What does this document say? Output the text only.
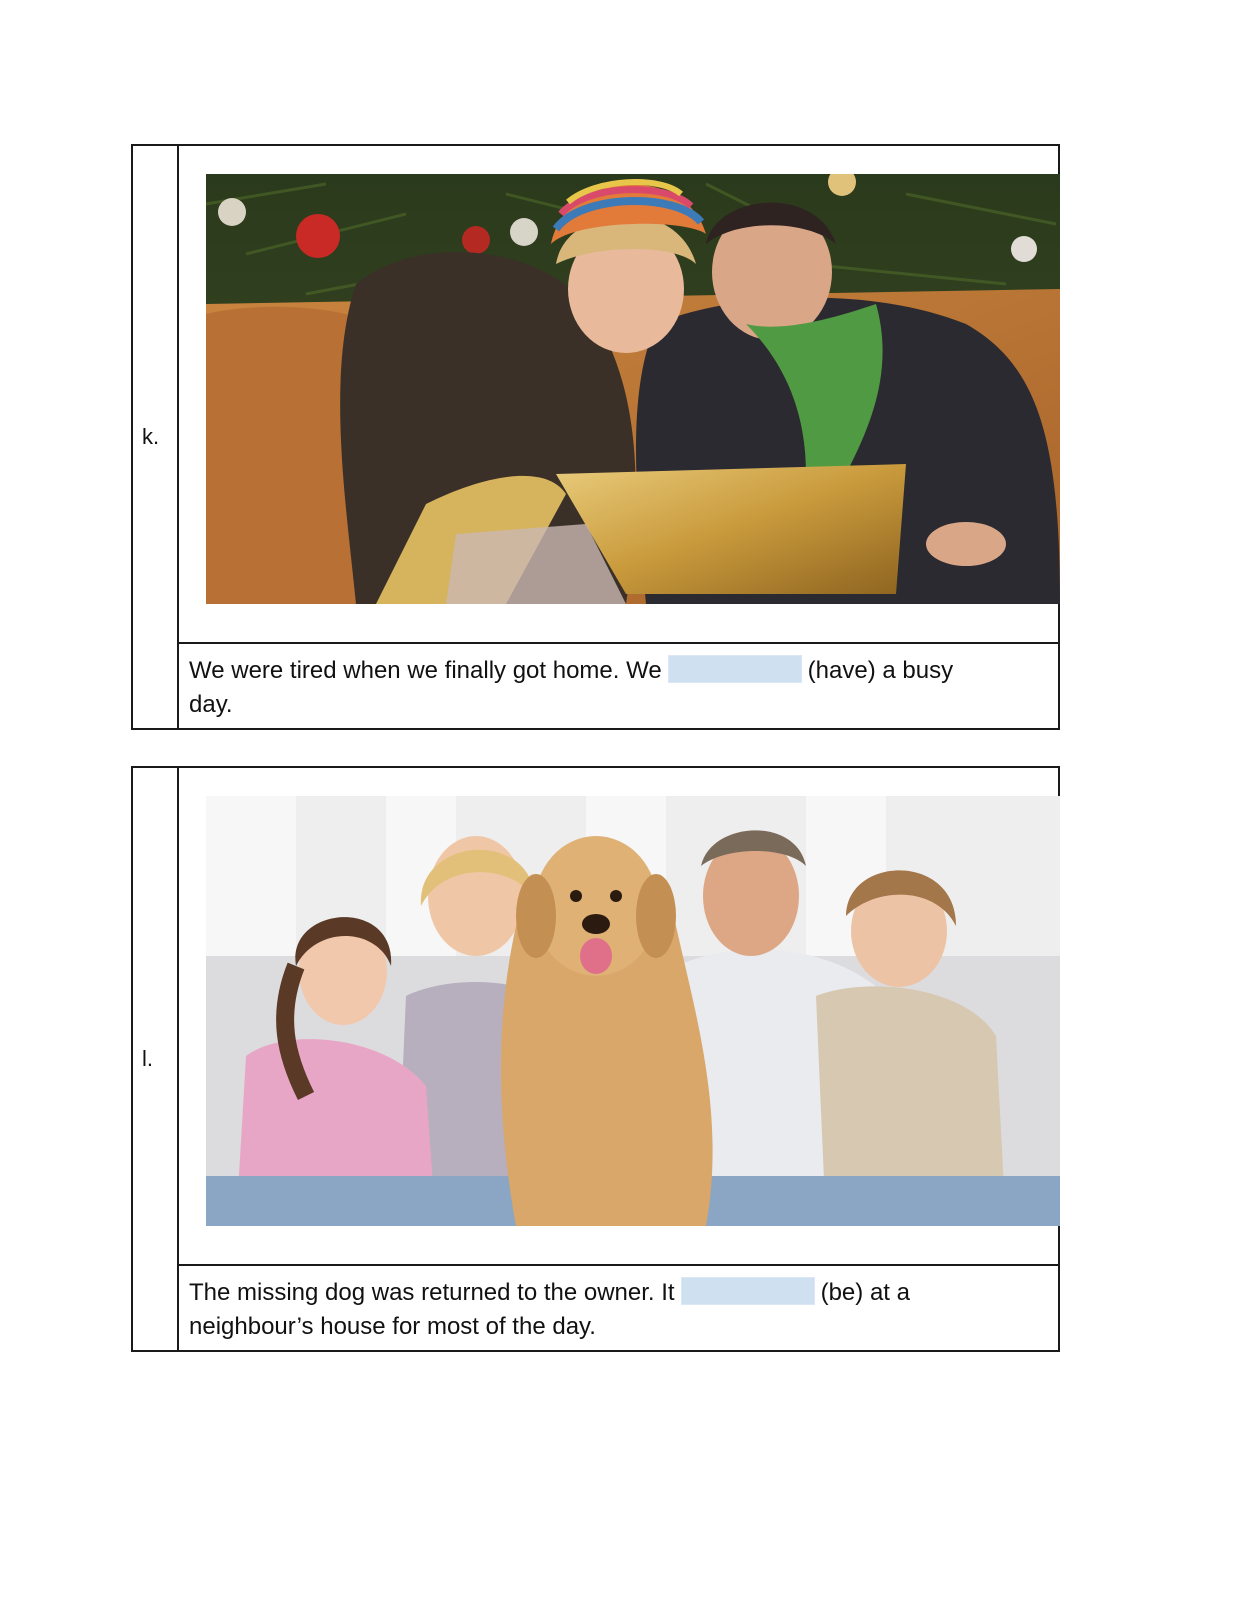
k.
We were tired when we finally got home. We	(have) a busy
day.
l.
The missing dog was returned to the owner. It	(be) at a
neighbour’s house for most of the day.
